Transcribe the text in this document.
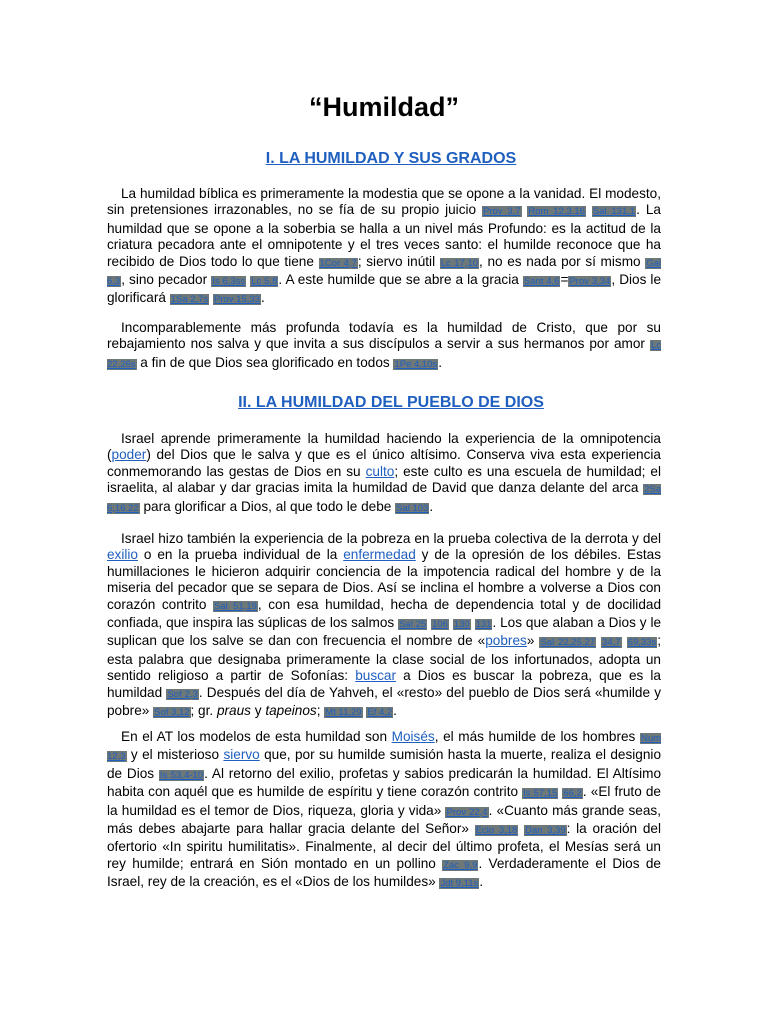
“Humildad”
I. LA HUMILDAD Y SUS GRADOS
La humildad bíblica es primeramente la modestia que se opone a la vanidad. El modesto, sin pretensiones irrazonables, no se fía de su propio juicio Prov 3,7 Rom 12,3.16 Sal 131,1. La humildad que se opone a la soberbia se halla a un nivel más Profundo: es la actitud de la criatura pecadora ante el omnipotente y el tres veces santo: el humilde reconoce que ha recibido de Dios todo lo que tiene 1Cor 4,7; siervo inútil Lc 17,10, no es nada por sí mismo Gal 6,3, sino pecador Is 6,3ss Lc 5,8. A este humilde que se abre a la gracia Sant 4,6=Prov 3,34, Dios le glorificará 1Sa 2,7s Prov 15,33.
Incomparablemente más profunda todavía es la humildad de Cristo, que por su rebajamiento nos salva y que invita a sus discípulos a servir a sus hermanos por amor Lc 22,26s a fin de que Dios sea glorificado en todos 1Pe 4,10s.
II. LA HUMILDAD DEL PUEBLO DE DIOS
Israel aprende primeramente la humildad haciendo la experiencia de la omnipotencia (poder) del Dios que le salva y que es el único altísimo. Conserva viva esta experiencia conmemorando las gestas de Dios en su culto; este culto es una escuela de humildad; el israelita, al alabar y dar gracias imita la humildad de David que danza delante del arca 2Sa 6,16.22 para glorificar a Dios, al que todo le debe Sal 103.
Israel hizo también la experiencia de la pobreza en la prueba colectiva de la derrota y del exilio o en la prueba individual de la enfermedad y de la opresión de los débiles. Estas humillaciones le hicieron adquirir conciencia de la impotencia radical del hombre y de la miseria del pecador que se separa de Dios. Así se inclina el hombre a volverse a Dios con corazón contrito Sal 51,19, con esa humildad, hecha de dependencia total y de docilidad confiada, que inspira las súplicas de los salmos Sal 25 106 130 131. Los que alaban a Dios y le suplican que los salve se dan con frecuencia el nombre de «pobres» Sal 22,25.27 34,7 69,33s; esta palabra que designaba primeramente la clase social de los infortunados, adopta un sentido religioso a partir de Sofonías: buscar a Dios es buscar la pobreza, que es la humildad Sof 2,3. Después del día de Yahveh, el «resto» del pueblo de Dios será «humilde y pobre» Sof 3,12; gr. praus y tapeinos; Mt 11,29 Ef 4,2.
En el AT los modelos de esta humildad son Moisés, el más humilde de los hombres Num 12,3 y el misterioso siervo que, por su humilde sumisión hasta la muerte, realiza el designio de Dios Is 53,4-10. Al retorno del exilio, profetas y sabios predicarán la humildad. El Altísimo habita con aquél que es humilde de espíritu y tiene corazón contrito Is 57,15 66,2. «El fruto de la humildad es el temor de Dios, riqueza, gloria y vida» Prov 22,4. «Cuanto más grande seas, más debes abajarte para hallar gracia delante del Señor» Eclo 3,18 Dan 3,39: la oración del ofertorio «In spiritu humilitatis». Finalmente, al decir del último profeta, el Mesías será un rey humilde; entrará en Sión montado en un pollino Zac 9,9. Verdaderamente el Dios de Israel, rey de la creación, es el «Dios de los humildes» Jdt 9,11s.
